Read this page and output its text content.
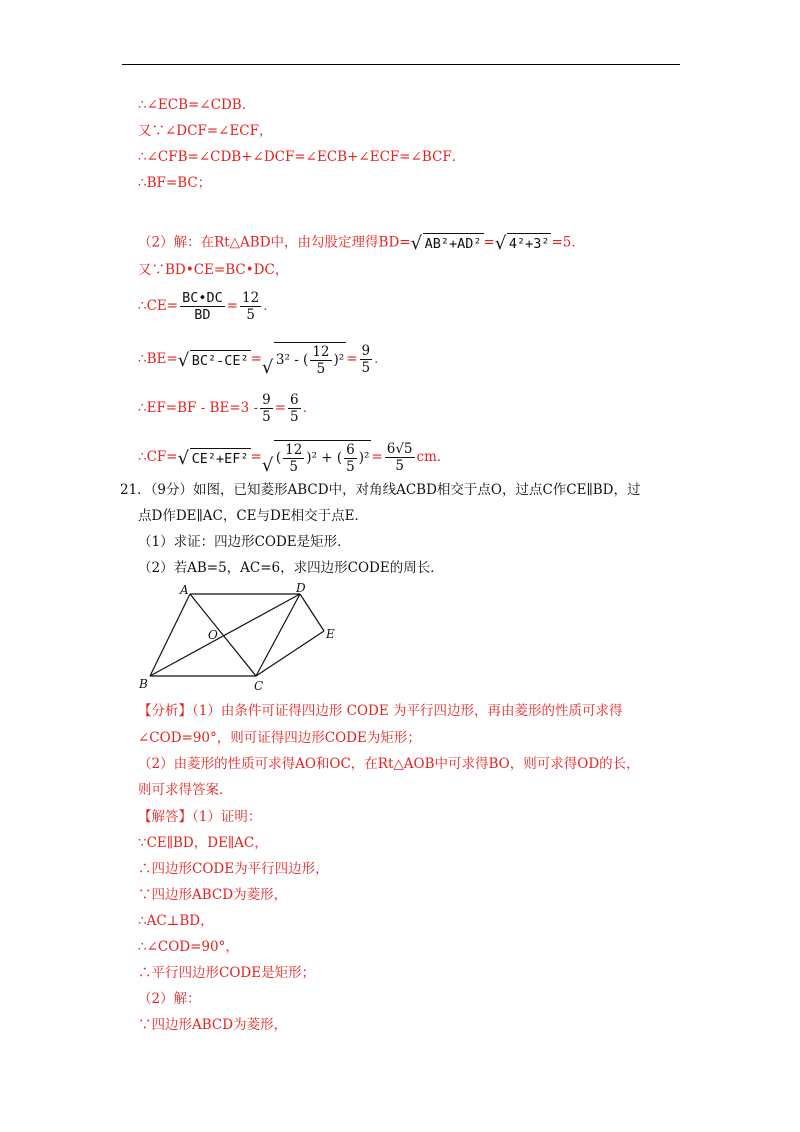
∴∠ECB=∠CDB．
又∵∠DCF=∠ECF，
∴∠CFB=∠CDB+∠DCF=∠ECB+∠ECF=∠BCF．
∴BF=BC；
（2）解：在Rt△ABD中，由勾股定理得BD= √ AB²+AD² = √ 4²+3² =5．
又∵BD•CE=BC•DC，
∴CE= $\frac{BC•DC}{BD} = \frac{12}{5}$ ．
∴BE= √ BC²-CE² = √ 3² - ( $\frac{12}{5} )^2 = \frac{9}{5}$ ．
∴EF=BF - $BE=3 - \frac{9}{5} = \frac{6}{5}$ ．
∴CF= √ CE²+EF² = √ ( $\frac{12}{5} )^2$ + ( $\frac{6}{5} )^2 = \frac{6√5}{5}$ cm．
21．（9分）如图，已知菱形ABCD中，对角线ACBD相交于点O，过点C作CE∥BD，过
点D作DE∥AC，CE与DE相交于点E．
（1）求证：四边形CODE是矩形．
（2）若AB=5，AC=6，求四边形CODE的周长．
A
B	C
D
E
O
【分析】（1）由条件可证得四边形 CODE 为平行四边形，再由菱形的性质可求得
∠COD=90°，则可证得四边形CODE为矩形；
（2）由菱形的性质可求得AO和OC，在Rt△AOB中可求得BO，则可求得OD的长，
则可求得答案．
【解答】（1）证明：
∵CE∥BD，DE∥AC，
∴四边形CODE为平行四边形，
∵四边形ABCD为菱形，
∴AC⊥BD，
∴∠COD=90°，
∴平行四边形CODE是矩形；
（2）解：
∵四边形ABCD为菱形，
